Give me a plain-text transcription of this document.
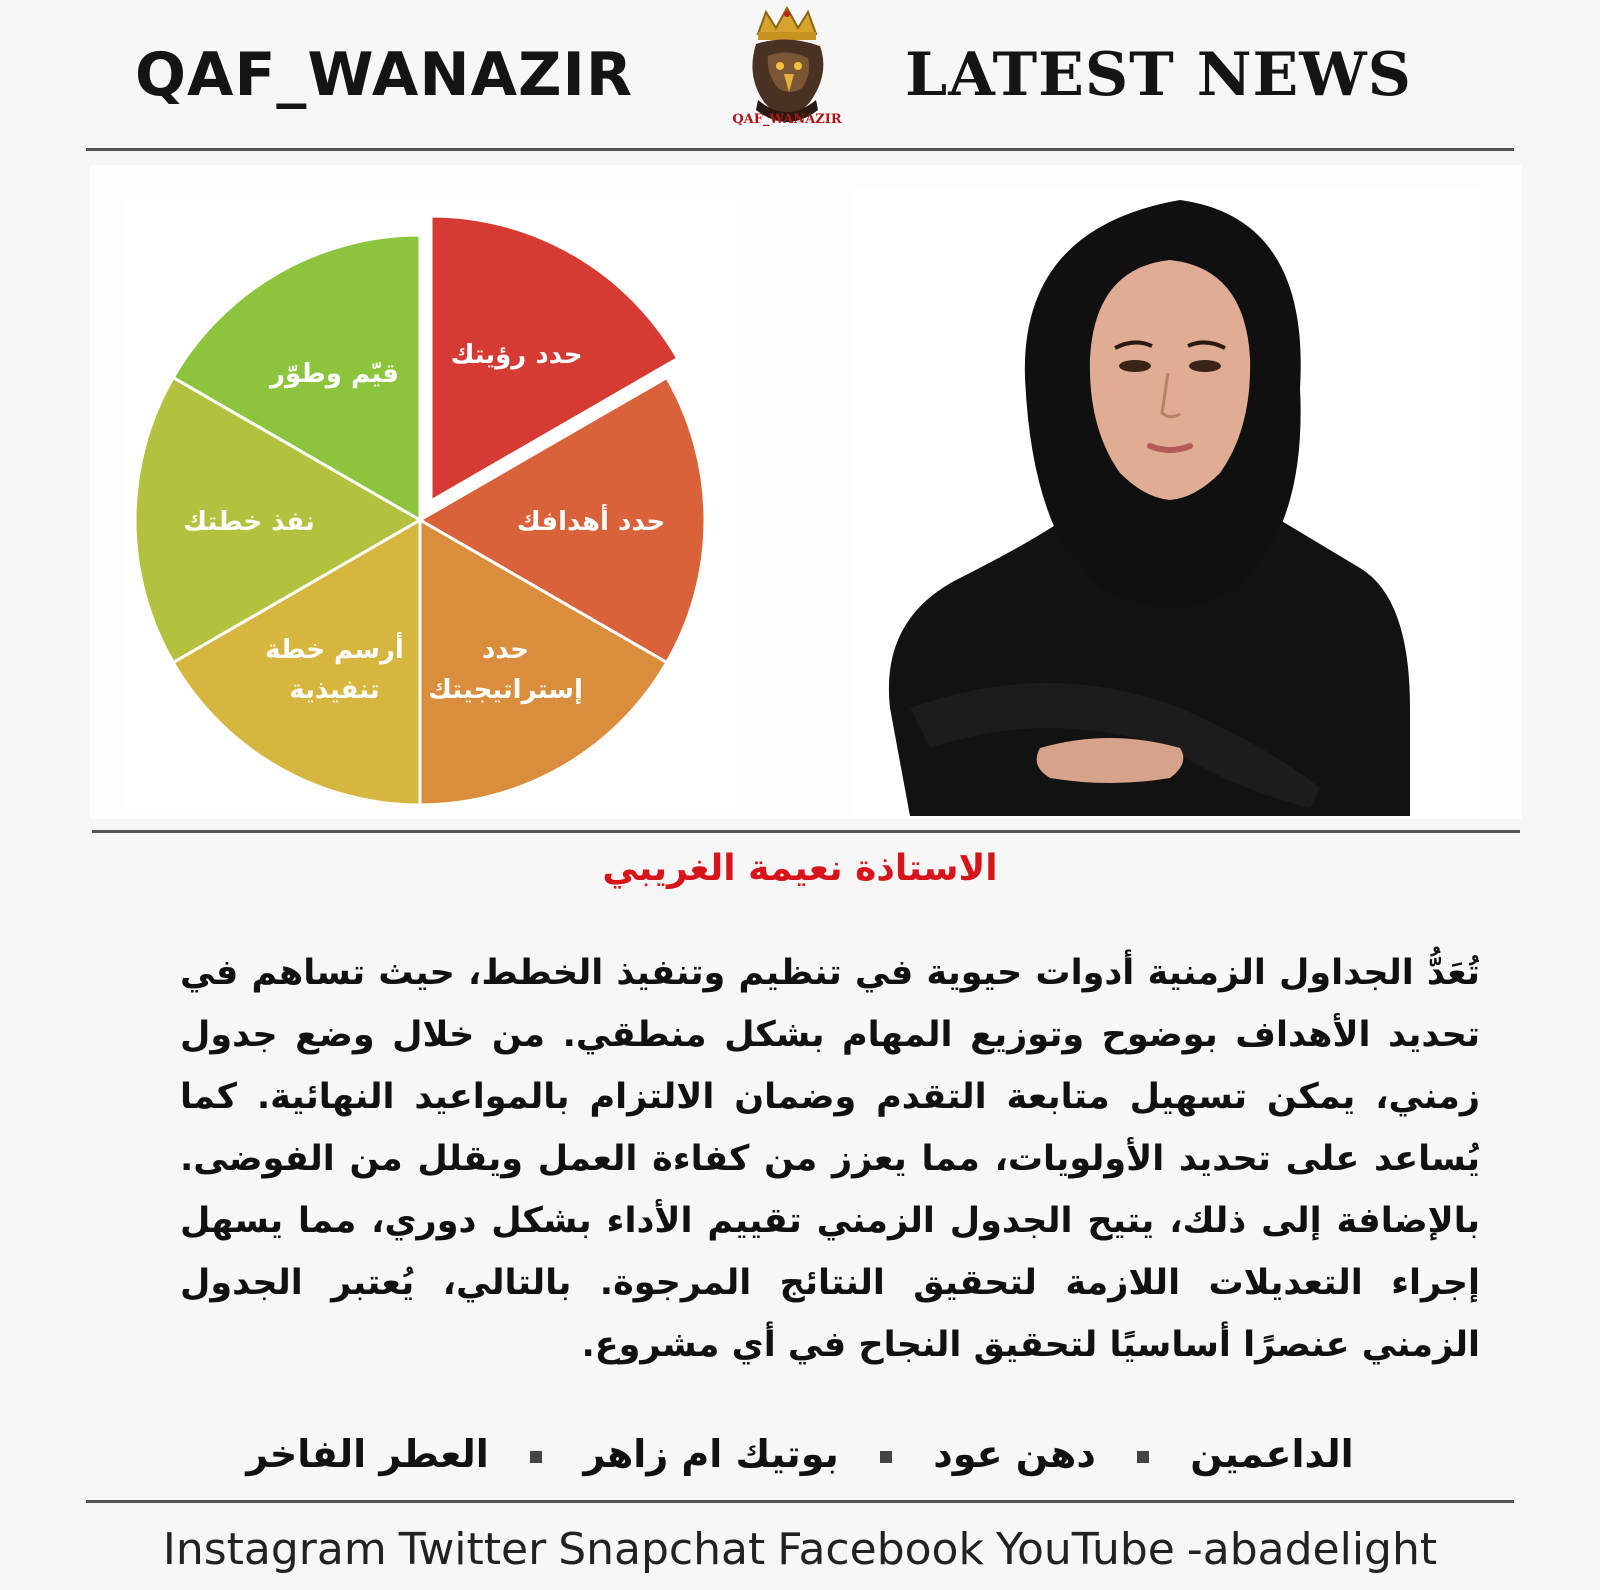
QAF_WANAZIR
QAF_WANAZIR
LATEST NEWS
حدد رؤيتك
حدد أهدافك
حدد
إستراتيجيتك
أرسم خطة
تنفيذية
نفذ خطتك
قيّم وطوّر
الاستاذة نعيمة الغريبي
تُعَدُّ الجداول الزمنية أدوات حيوية في تنظيم وتنفيذ الخطط، حيث تساهم في تحديد الأهداف بوضوح وتوزيع المهام بشكل منطقي. من خلال وضع جدول زمني، يمكن تسهيل متابعة التقدم وضمان الالتزام بالمواعيد النهائية. كما يُساعد على تحديد الأولويات، مما يعزز من كفاءة العمل ويقلل من الفوضى. بالإضافة إلى ذلك، يتيح الجدول الزمني تقييم الأداء بشكل دوري، مما يسهل إجراء التعديلات اللازمة لتحقيق النتائج المرجوة. بالتالي، يُعتبر الجدول الزمني عنصرًا أساسيًا لتحقيق النجاح في أي مشروع.
الداعمين  دهن عود  بوتيك ام زاهر  العطر الفاخر
Instagram Twitter Snapchat Facebook YouTube -abadelight
